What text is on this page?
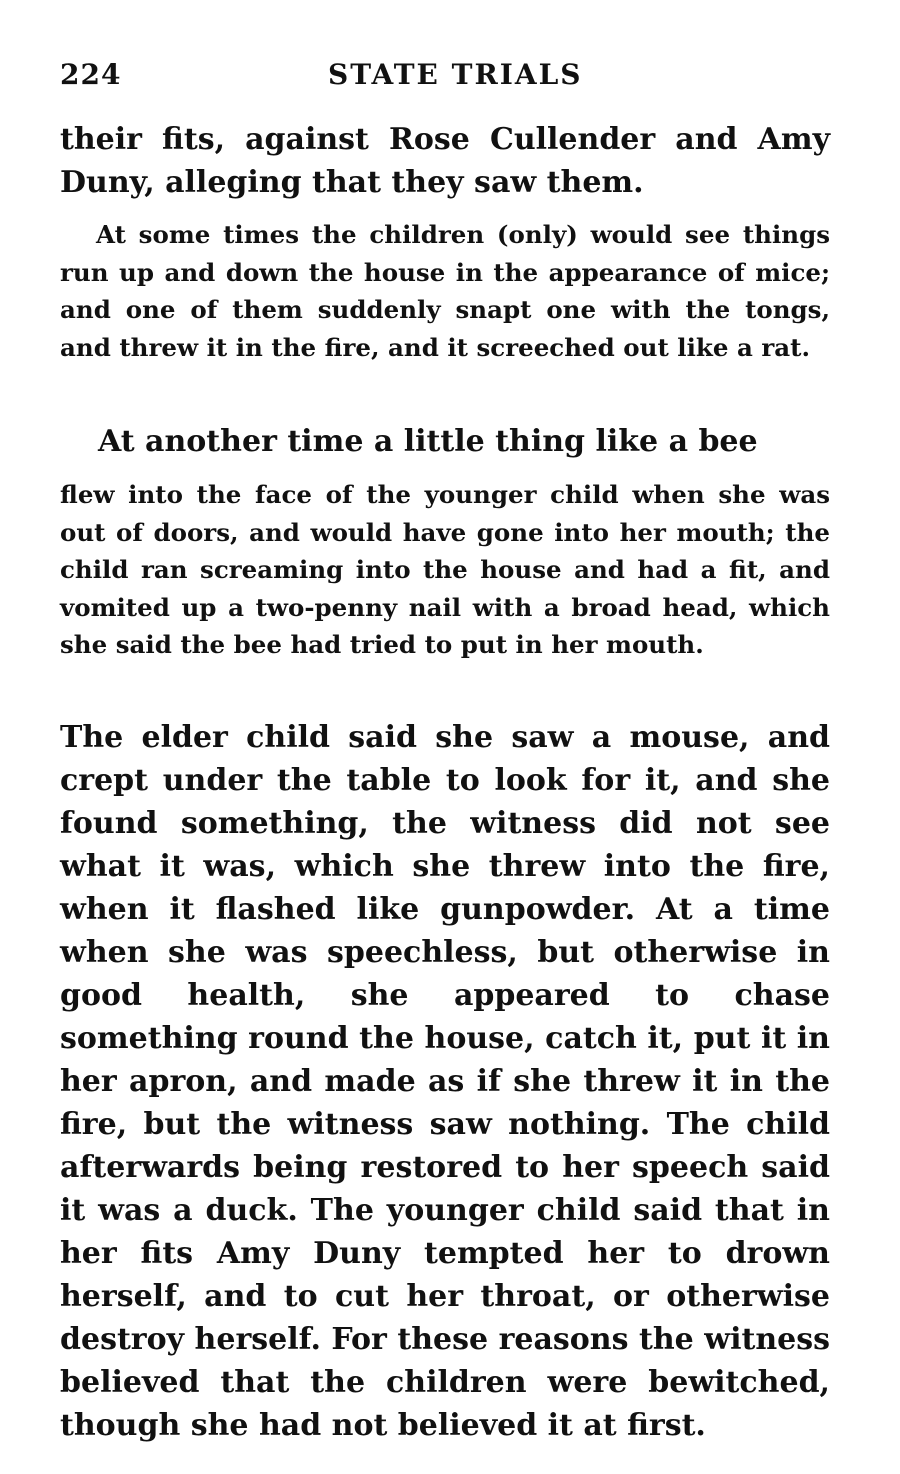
224	STATE TRIALS

their fits, against Rose Cullender and Amy Duny, alleging that they saw them.

At some times the children (only) would see things run up and down the house in the appearance of mice; and one of them suddenly snapt one with the tongs, and threw it in the fire, and it screeched out like a rat.

At another time a little thing like a bee

flew into the face of the younger child when she was out of doors, and would have gone into her mouth; the child ran screaming into the house and had a fit, and vomited up a two-penny nail with a broad head, which she said the bee had tried to put in her mouth.

The elder child said she saw a mouse, and crept under the table to look for it, and she found something, the witness did not see what it was, which she threw into the fire, when it flashed like gunpowder. At a time when she was speechless, but otherwise in good health, she appeared to chase something round the house, catch it, put it in her apron, and made as if she threw it in the fire, but the witness saw nothing. The child afterwards being restored to her speech said it was a duck. The younger child said that in her fits Amy Duny tempted her to drown herself, and to cut her throat, or otherwise destroy herself. For these reasons the witness believed that the children were bewitched, though she had not believed it at first.
